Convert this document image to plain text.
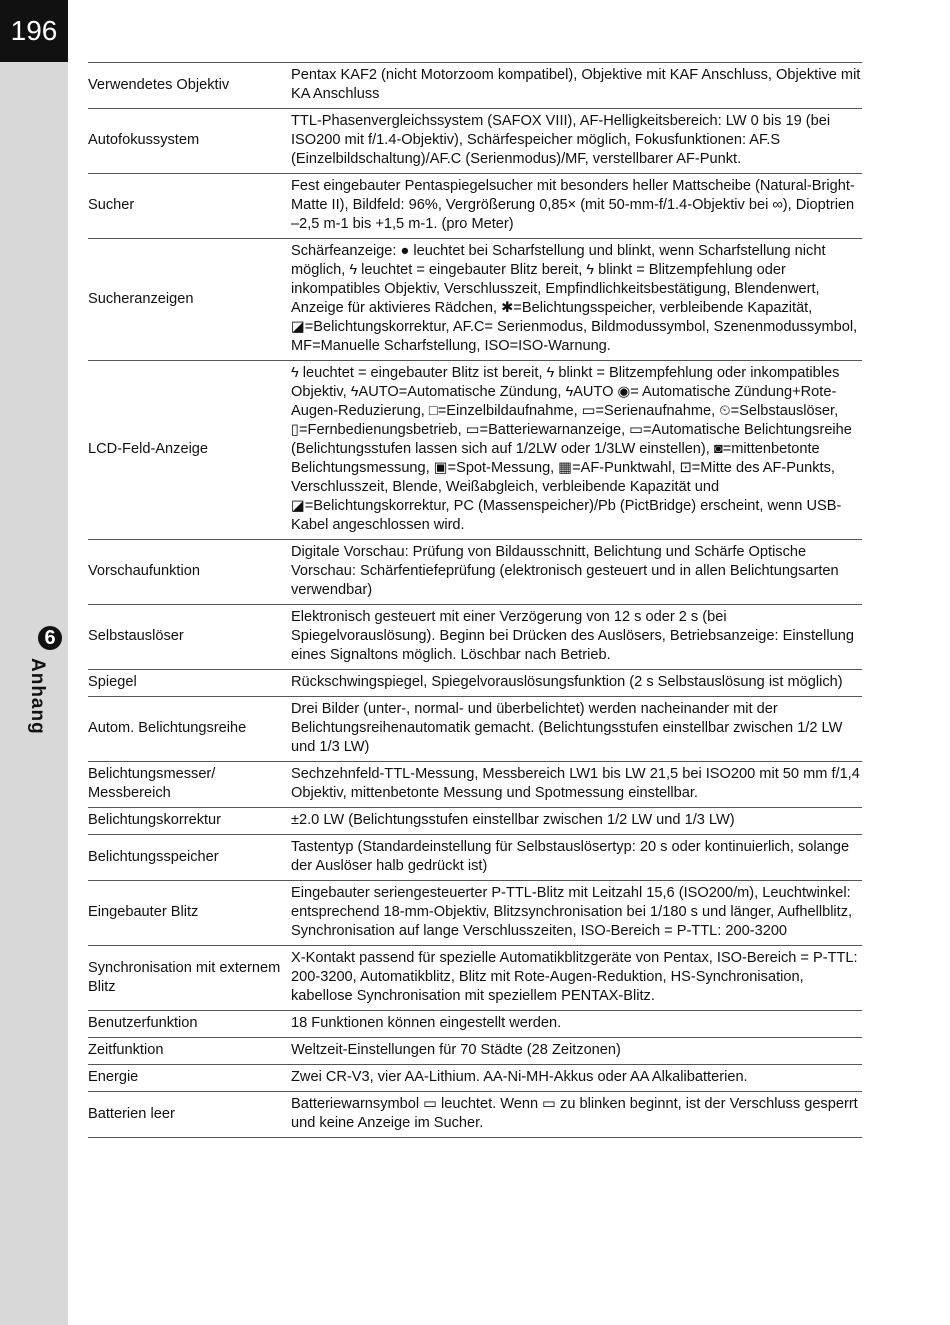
196
6
Anhang
Verwendetes Objektiv	Pentax KAF2 (nicht Motorzoom kompatibel), Objektive mit KAF Anschluss, Objektive mit KA Anschluss
Autofokussystem	TTL-Phasenvergleichssystem (SAFOX VIII), AF-Helligkeitsbereich: LW 0 bis 19 (bei ISO200 mit f/1.4-Objektiv), Schärfespeicher möglich, Fokusfunktionen: AF.S (Einzelbildschaltung)/AF.C (Serienmodus)/MF, verstellbarer AF-Punkt.
Sucher	Fest eingebauter Pentaspiegelsucher mit besonders heller Mattscheibe (Natural-Bright-Matte II), Bildfeld: 96%, Vergrößerung 0,85× (mit 50-mm-f/1.4-Objektiv bei ∞), Dioptrien –2,5 m-1 bis +1,5 m-1. (pro Meter)
Sucheranzeigen	Schärfeanzeige: ● leuchtet bei Scharfstellung und blinkt, wenn Scharfstellung nicht möglich, ϟ leuchtet = eingebauter Blitz bereit, ϟ blinkt = Blitzempfehlung oder inkompatibles Objektiv, Verschlusszeit, Empfindlichkeitsbestätigung, Blendenwert, Anzeige für aktivieres Rädchen, ✱=Belichtungsspeicher, verbleibende Kapazität, ◪=Belichtungskorrektur, AF.C= Serienmodus, Bildmodussymbol, Szenenmodussymbol, MF=Manuelle Scharfstellung, ISO=ISO-Warnung.
LCD-Feld-Anzeige	ϟ leuchtet = eingebauter Blitz ist bereit, ϟ blinkt = Blitzempfehlung oder inkompatibles Objektiv, ϟAUTO=Automatische Zündung, ϟAUTO ◉= Automatische Zündung+Rote-Augen-Reduzierung, □=Einzelbildaufnahme, ▭=Serienaufnahme, ⏲=Selbstauslöser, ▯=Fernbedienungsbetrieb, ▭=Batteriewarnanzeige, ▭=Automatische Belichtungsreihe (Belichtungsstufen lassen sich auf 1/2LW oder 1/3LW einstellen), ◙=mittenbetonte Belichtungsmessung, ▣=Spot-Messung, ▦=AF-Punktwahl, ⊡=Mitte des AF-Punkts, Verschlusszeit, Blende, Weißabgleich, verbleibende Kapazität und ◪=Belichtungskorrektur, PC (Massenspeicher)/Pb (PictBridge) erscheint, wenn USB-Kabel angeschlossen wird.
Vorschaufunktion	Digitale Vorschau: Prüfung von Bildausschnitt, Belichtung und Schärfe Optische Vorschau: Schärfentiefeprüfung (elektronisch gesteuert und in allen Belichtungsarten verwendbar)
Selbstauslöser	Elektronisch gesteuert mit einer Verzögerung von 12 s oder 2 s (bei Spiegelvorauslösung). Beginn bei Drücken des Auslösers, Betriebsanzeige: Einstellung eines Signaltons möglich. Löschbar nach Betrieb.
Spiegel	Rückschwingspiegel, Spiegelvorauslösungsfunktion (2 s Selbstauslösung ist möglich)
Autom. Belichtungsreihe	Drei Bilder (unter-, normal- und überbelichtet) werden nacheinander mit der Belichtungsreihenautomatik gemacht. (Belichtungsstufen einstellbar zwischen 1/2 LW und 1/3 LW)
Belichtungsmesser/ Messbereich	Sechzehnfeld-TTL-Messung, Messbereich LW1 bis LW 21,5 bei ISO200 mit 50 mm f/1,4 Objektiv, mittenbetonte Messung und Spotmessung einstellbar.
Belichtungskorrektur	±2.0 LW (Belichtungsstufen einstellbar zwischen 1/2 LW und 1/3 LW)
Belichtungsspeicher	Tastentyp (Standardeinstellung für Selbstauslösertyp: 20 s oder kontinuierlich, solange der Auslöser halb gedrückt ist)
Eingebauter Blitz	Eingebauter seriengesteuerter P-TTL-Blitz mit Leitzahl 15,6 (ISO200/m), Leuchtwinkel: entsprechend 18-mm-Objektiv, Blitzsynchronisation bei 1/180 s und länger, Aufhellblitz, Synchronisation auf lange Verschlusszeiten, ISO-Bereich = P-TTL: 200-3200
Synchronisation mit externem Blitz	X-Kontakt passend für spezielle Automatikblitzgeräte von Pentax, ISO-Bereich = P-TTL: 200-3200, Automatikblitz, Blitz mit Rote-Augen-Reduktion, HS-Synchronisation, kabellose Synchronisation mit speziellem PENTAX-Blitz.
Benutzerfunktion	18 Funktionen können eingestellt werden.
Zeitfunktion	Weltzeit-Einstellungen für 70 Städte (28 Zeitzonen)
Energie	Zwei CR-V3, vier AA-Lithium. AA-Ni-MH-Akkus oder AA Alkalibatterien.
Batterien leer	Batteriewarnsymbol ▭ leuchtet. Wenn ▭ zu blinken beginnt, ist der Verschluss gesperrt und keine Anzeige im Sucher.
